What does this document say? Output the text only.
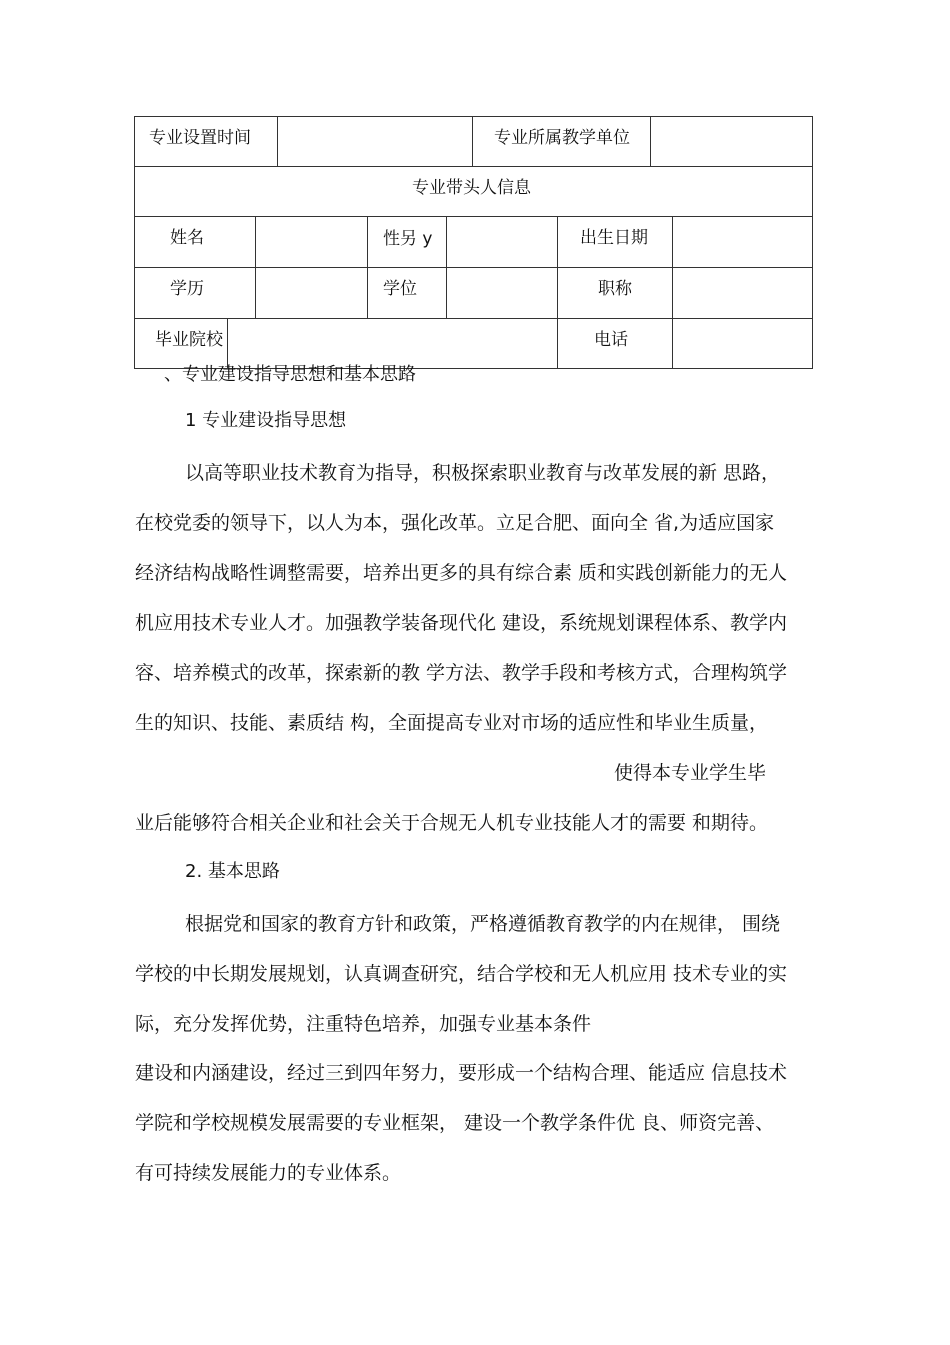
专业设置时间	专业所属教学单位
专业带头人信息
姓名	性另 y	出生日期
学历	学位	职称
毕业院校	电话
、专业建设指导思想和基本思路
1 专业建设指导思想
以高等职业技术教育为指导，积极探索职业教育与改革发展的新 思路，
在校党委的领导下，以人为本，强化改革。立足合肥、面向全 省,为适应国家
经济结构战略性调整需要，培养出更多的具有综合素 质和实践创新能力的无人
机应用技术专业人才。加强教学装备现代化 建设，系统规划课程体系、教学内
容、培养模式的改革，探索新的教 学方法、教学手段和考核方式，合理构筑学
生的知识、技能、素质结 构，全面提高专业对市场的适应性和毕业生质量，
使得本专业学生毕
业后能够符合相关企业和社会关于合规无人机专业技能人才的需要 和期待。
2. 基本思路
根据党和国家的教育方针和政策，严格遵循教育教学的内在规律， 围绕
学校的中长期发展规划，认真调查研究，结合学校和无人机应用 技术专业的实
际，充分发挥优势，注重特色培养，加强专业基本条件
建设和内涵建设，经过三到四年努力，要形成一个结构合理、能适应 信息技术
学院和学校规模发展需要的专业框架， 建设一个教学条件优 良、师资完善、
有可持续发展能力的专业体系。
